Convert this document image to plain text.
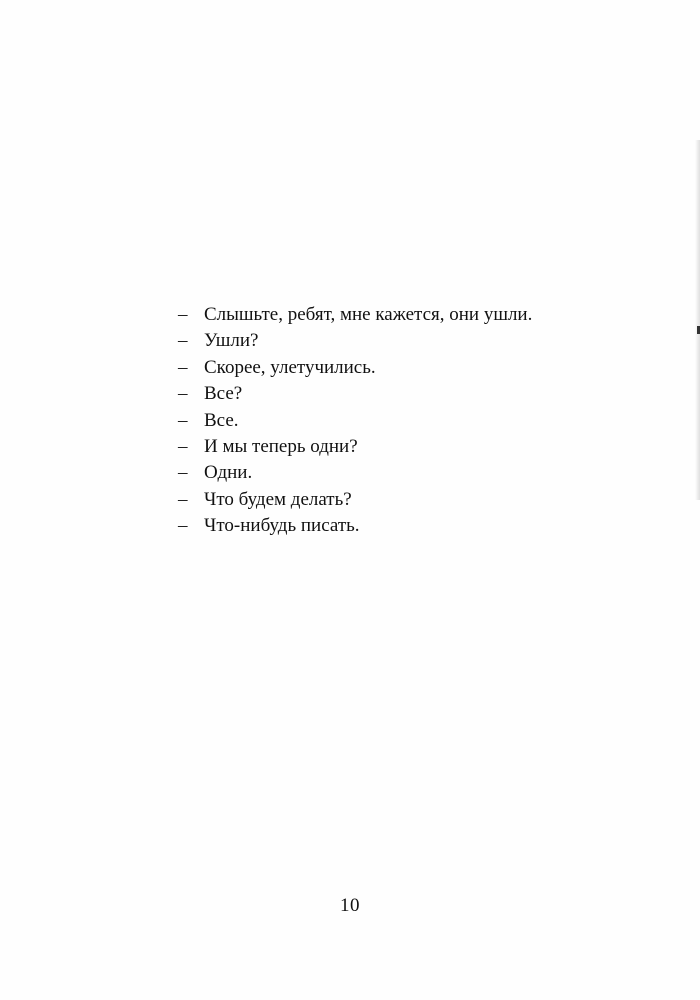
– Слышьте, ребят, мне кажется, они ушли.
– Ушли?
– Скорее, улетучились.
– Все?
– Все.
– И мы теперь одни?
– Одни.
– Что будем делать?
– Что-нибудь писать.
10
